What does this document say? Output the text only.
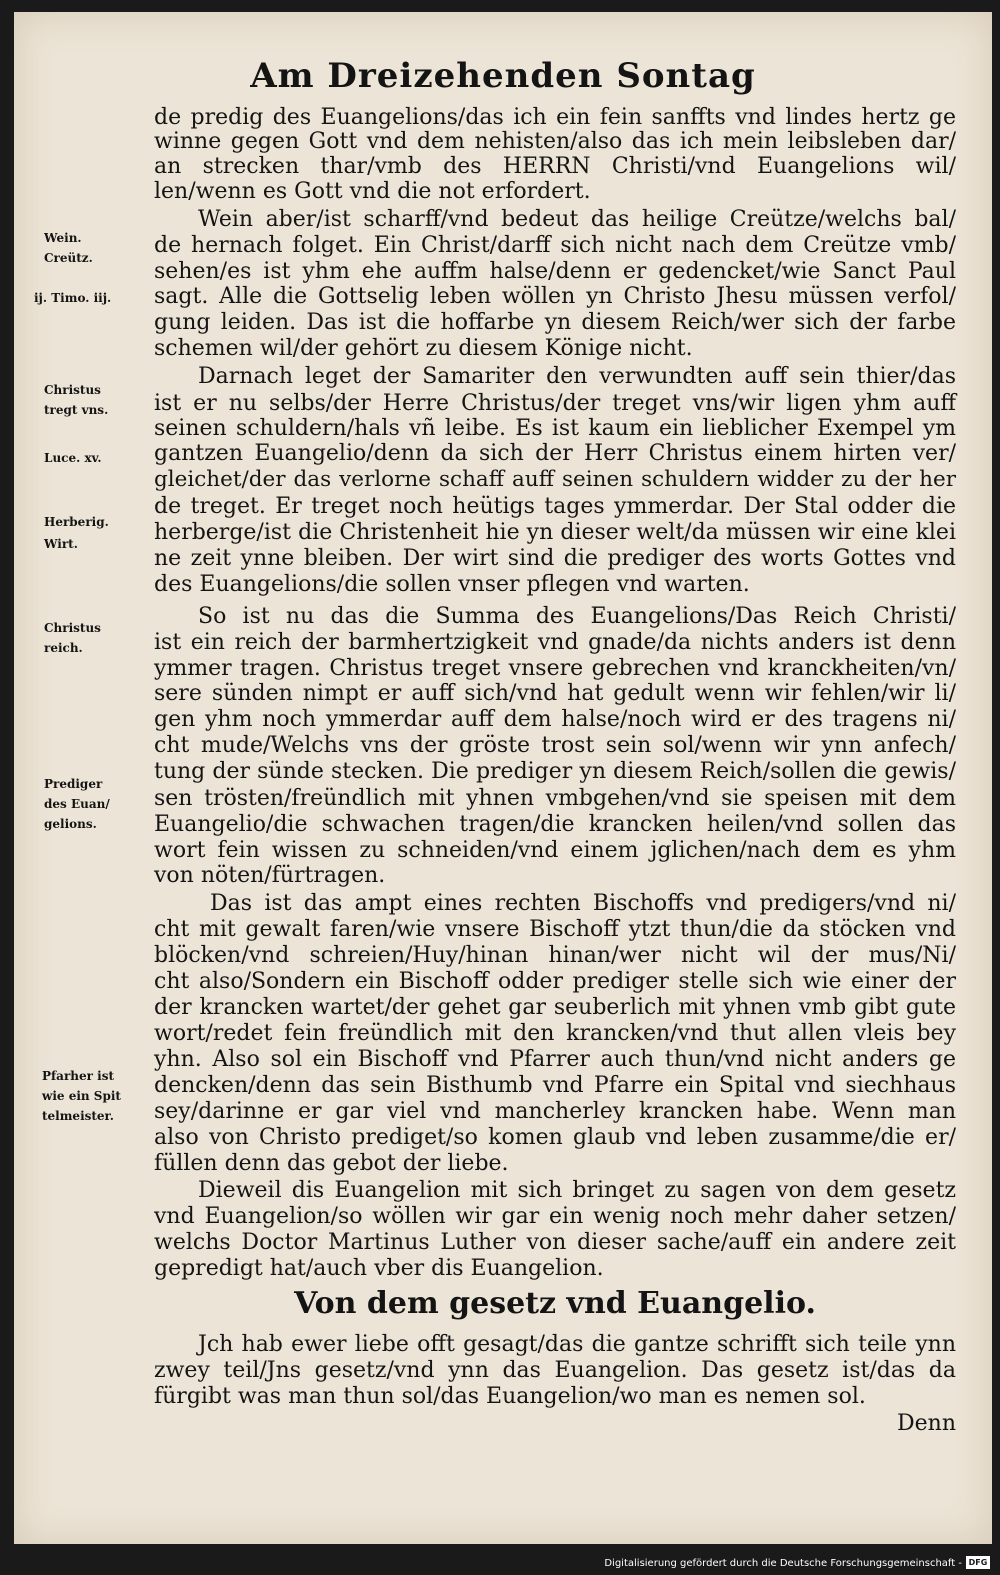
Am Dreizehenden Sontag
de predig des Euangelions/das ich ein fein sanffts vnd lindes hertz ge
winne gegen Gott vnd dem nehisten/also das ich mein leibsleben dar/
an strecken thar/vmb des HERRN Christi/vnd Euangelions wil/
len/wenn es Gott vnd die not erfordert.
Wein aber/ist scharff/vnd bedeut das heilige Creütze/welchs bal/
de hernach folget. Ein Christ/darff sich nicht nach dem Creütze vmb/
sehen/es ist yhm ehe auffm halse/denn er gedencket/wie Sanct Paul
sagt. Alle die Gottselig leben wöllen yn Christo Jhesu müssen verfol/
gung leiden. Das ist die hoffarbe yn diesem Reich/wer sich der farbe
schemen wil/der gehört zu diesem Könige nicht.
Darnach leget der Samariter den verwundten auff sein thier/das
ist er nu selbs/der Herre Christus/der treget vns/wir ligen yhm auff
seinen schuldern/hals vñ leibe. Es ist kaum ein lieblicher Exempel ym
gantzen Euangelio/denn da sich der Herr Christus einem hirten ver/
gleichet/der das verlorne schaff auff seinen schuldern widder zu der her
de treget. Er treget noch heütigs tages ymmerdar. Der Stal odder die
herberge/ist die Christenheit hie yn dieser welt/da müssen wir eine klei
ne zeit ynne bleiben. Der wirt sind die prediger des worts Gottes vnd
des Euangelions/die sollen vnser pflegen vnd warten.
So ist nu das die Summa des Euangelions/Das Reich Christi/
ist ein reich der barmhertzigkeit vnd gnade/da nichts anders ist denn
ymmer tragen. Christus treget vnsere gebrechen vnd kranckheiten/vn/
sere sünden nimpt er auff sich/vnd hat gedult wenn wir fehlen/wir li/
gen yhm noch ymmerdar auff dem halse/noch wird er des tragens ni/
cht mude/Welchs vns der gröste trost sein sol/wenn wir ynn anfech/
tung der sünde stecken. Die prediger yn diesem Reich/sollen die gewis/
sen trösten/freündlich mit yhnen vmbgehen/vnd sie speisen mit dem
Euangelio/die schwachen tragen/die krancken heilen/vnd sollen das
wort fein wissen zu schneiden/vnd einem jglichen/nach dem es yhm
von nöten/fürtragen.
Das ist das ampt eines rechten Bischoffs vnd predigers/vnd ni/
cht mit gewalt faren/wie vnsere Bischoff ytzt thun/die da stöcken vnd
blöcken/vnd schreien/Huy/hinan hinan/wer nicht wil der mus/Ni/
cht also/Sondern ein Bischoff odder prediger stelle sich wie einer der
der krancken wartet/der gehet gar seuberlich mit yhnen vmb gibt gute
wort/redet fein freündlich mit den krancken/vnd thut allen vleis bey
yhn. Also sol ein Bischoff vnd Pfarrer auch thun/vnd nicht anders ge
dencken/denn das sein Bisthumb vnd Pfarre ein Spital vnd siechhaus
sey/darinne er gar viel vnd mancherley krancken habe. Wenn man
also von Christo prediget/so komen glaub vnd leben zusamme/die er/
füllen denn das gebot der liebe.
Dieweil dis Euangelion mit sich bringet zu sagen von dem gesetz
vnd Euangelion/so wöllen wir gar ein wenig noch mehr daher setzen/
welchs Doctor Martinus Luther von dieser sache/auff ein andere zeit
gepredigt hat/auch vber dis Euangelion.
Von dem gesetz vnd Euangelio.
Jch hab ewer liebe offt gesagt/das die gantze schrifft sich teile ynn
zwey teil/Jns gesetz/vnd ynn das Euangelion. Das gesetz ist/das da
fürgibt was man thun sol/das Euangelion/wo man es nemen sol.
Denn
Wein.
Creütz.
ij. Timo. iij.
Christus
tregt vns.
Luce. xv.
Herberig.
Wirt.
Christus
reich.
Prediger
des Euan/
gelions.
Pfarher ist
wie ein Spit
telmeister.
Digitalisierung gefördert durch die Deutsche Forschungsgemeinschaft - DFG
